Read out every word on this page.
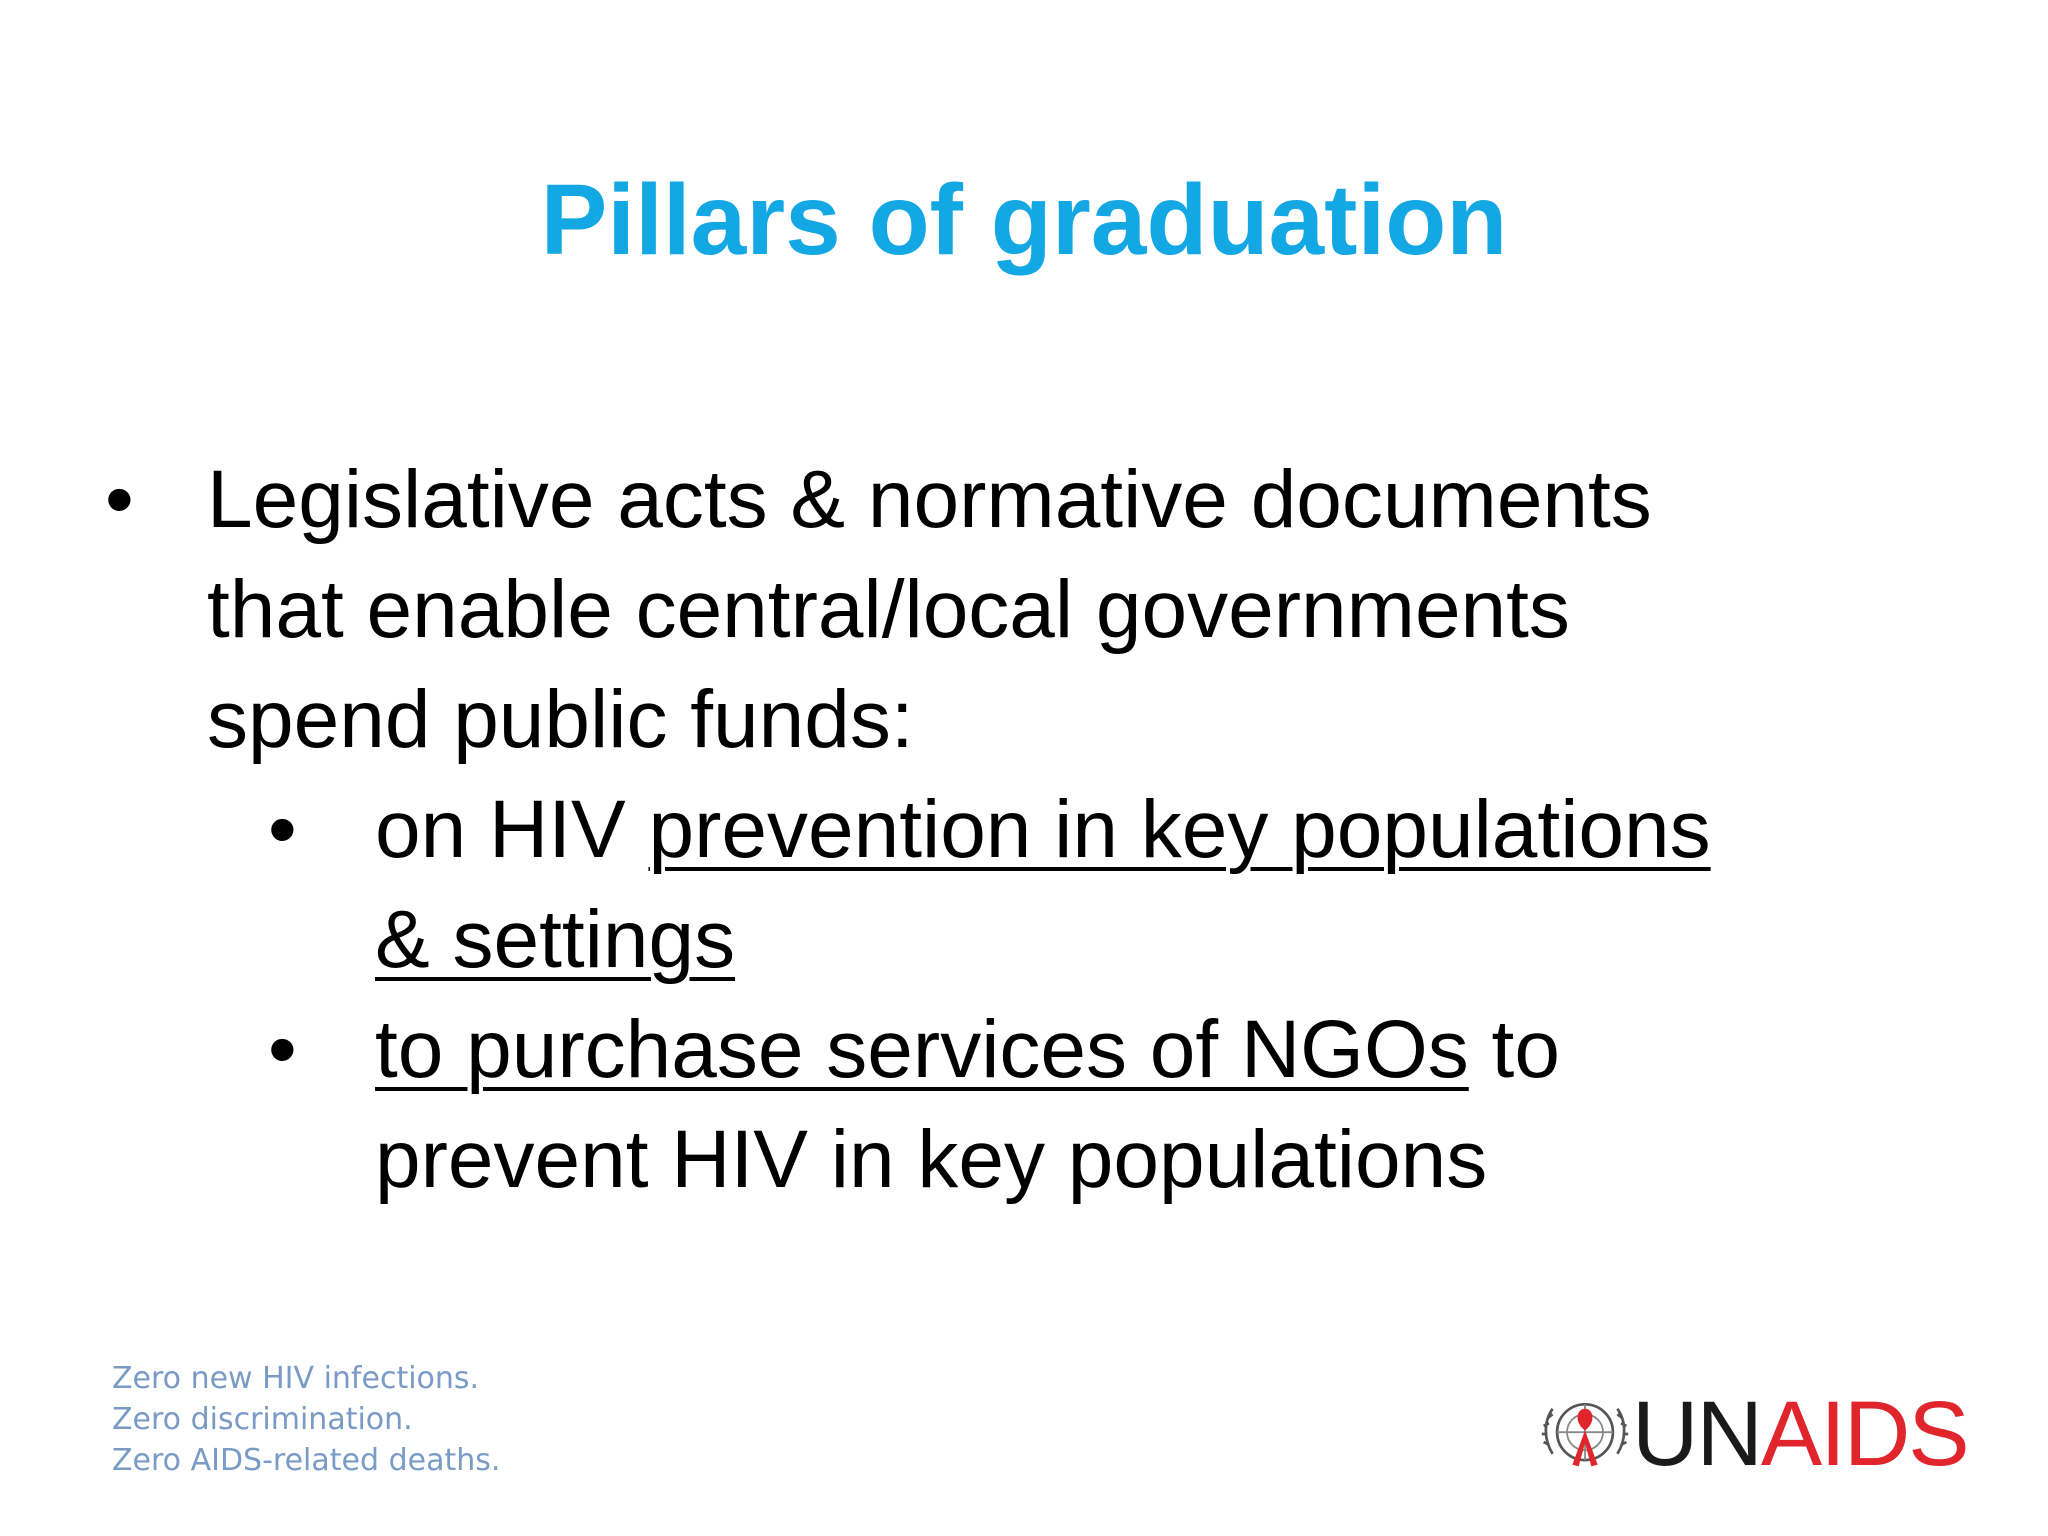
Pillars of graduation
• Legislative acts & normative documents
that enable central/local governments
spend public funds:
• on HIV prevention in key populations
& settings
• to purchase services of NGOs to
prevent HIV in key populations
Zero new HIV infections.
Zero discrimination.
Zero AIDS-related deaths.	UNAIDS
